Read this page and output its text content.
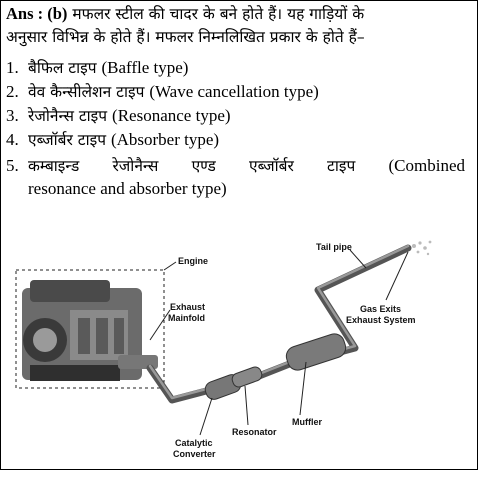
Ans : (b) मफलर स्टील की चादर के बने होते हैं। यह गाड़ियों के
अनुसार विभिन्न के होते हैं। मफलर निम्नलिखित प्रकार के होते हैं–
1. बैफिल टाइप (Baffle type)
2. वेव कैन्सीलेशन टाइप (Wave cancellation type)
3. रेजोनैन्स टाइप (Resonance type)
4. एब्जॉर्बर टाइप (Absorber type)
5. कम्बाइन्ड रेजोनैन्स एण्ड एब्जॉर्बर टाइप (Combined
resonance and absorber type)
Engine
Exhaust
Mainfold
Catalytic
Converter
Resonator
Muffler
Tail pipe
Gas Exits
Exhaust System
